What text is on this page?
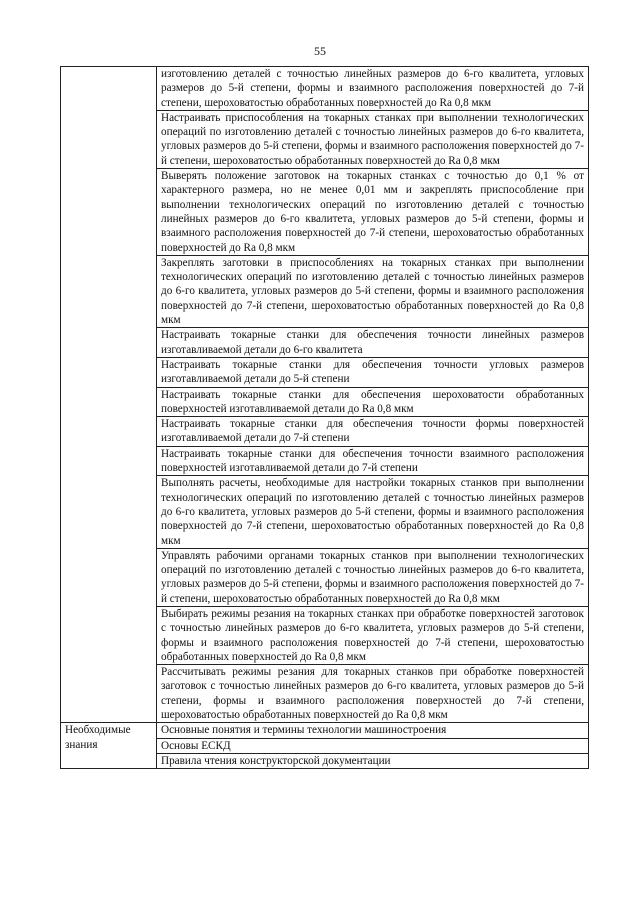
55
	изготовлению деталей с точностью линейных размеров до 6-го квалитета, угловых размеров до 5-й степени, формы и взаимного расположения поверхностей до 7-й степени, шероховатостью обработанных поверхностей до Ra 0,8 мкм
	Настраивать приспособления на токарных станках при выполнении технологических операций по изготовлению деталей с точностью линейных размеров до 6-го квалитета, угловых размеров до 5-й степени, формы и взаимного расположения поверхностей до 7-й степени, шероховатостью обработанных поверхностей до Ra 0,8 мкм
	Выверять положение заготовок на токарных станках с точностью до 0,1 % от характерного размера, но не менее 0,01 мм и закреплять приспособление при выполнении технологических операций по изготовлению деталей с точностью линейных размеров до 6-го квалитета, угловых размеров до 5-й степени, формы и взаимного расположения поверхностей до 7-й степени, шероховатостью обработанных поверхностей до Ra 0,8 мкм
	Закреплять заготовки в приспособлениях на токарных станках при выполнении технологических операций по изготовлению деталей с точностью линейных размеров до 6-го квалитета, угловых размеров до 5-й степени, формы и взаимного расположения поверхностей до 7-й степени, шероховатостью обработанных поверхностей до Ra 0,8 мкм
	Настраивать токарные станки для обеспечения точности линейных размеров изготавливаемой детали до 6-го квалитета
	Настраивать токарные станки для обеспечения точности угловых размеров изготавливаемой детали до 5-й степени
	Настраивать токарные станки для обеспечения шероховатости обработанных поверхностей изготавливаемой детали до Ra 0,8 мкм
	Настраивать токарные станки для обеспечения точности формы поверхностей изготавливаемой детали до 7-й степени
	Настраивать токарные станки для обеспечения точности взаимного расположения поверхностей изготавливаемой детали до 7-й степени
	Выполнять расчеты, необходимые для настройки токарных станков при выполнении технологических операций по изготовлению деталей с точностью линейных размеров до 6-го квалитета, угловых размеров до 5-й степени, формы и взаимного расположения поверхностей до 7-й степени, шероховатостью обработанных поверхностей до Ra 0,8 мкм
	Управлять рабочими органами токарных станков при выполнении технологических операций по изготовлению деталей с точностью линейных размеров до 6-го квалитета, угловых размеров до 5-й степени, формы и взаимного расположения поверхностей до 7-й степени, шероховатостью обработанных поверхностей до Ra 0,8 мкм
	Выбирать режимы резания на токарных станках при обработке поверхностей заготовок с точностью линейных размеров до 6-го квалитета, угловых размеров до 5-й степени, формы и взаимного расположения поверхностей до 7-й степени, шероховатостью обработанных поверхностей до Ra 0,8 мкм
	Рассчитывать режимы резания для токарных станков при обработке поверхностей заготовок с точностью линейных размеров до 6-го квалитета, угловых размеров до 5-й степени, формы и взаимного расположения поверхностей до 7-й степени, шероховатостью обработанных поверхностей до Ra 0,8 мкм
Необходимые знания	Основные понятия и термины технологии машиностроения
	Основы ЕСКД
	Правила чтения конструкторской документации
